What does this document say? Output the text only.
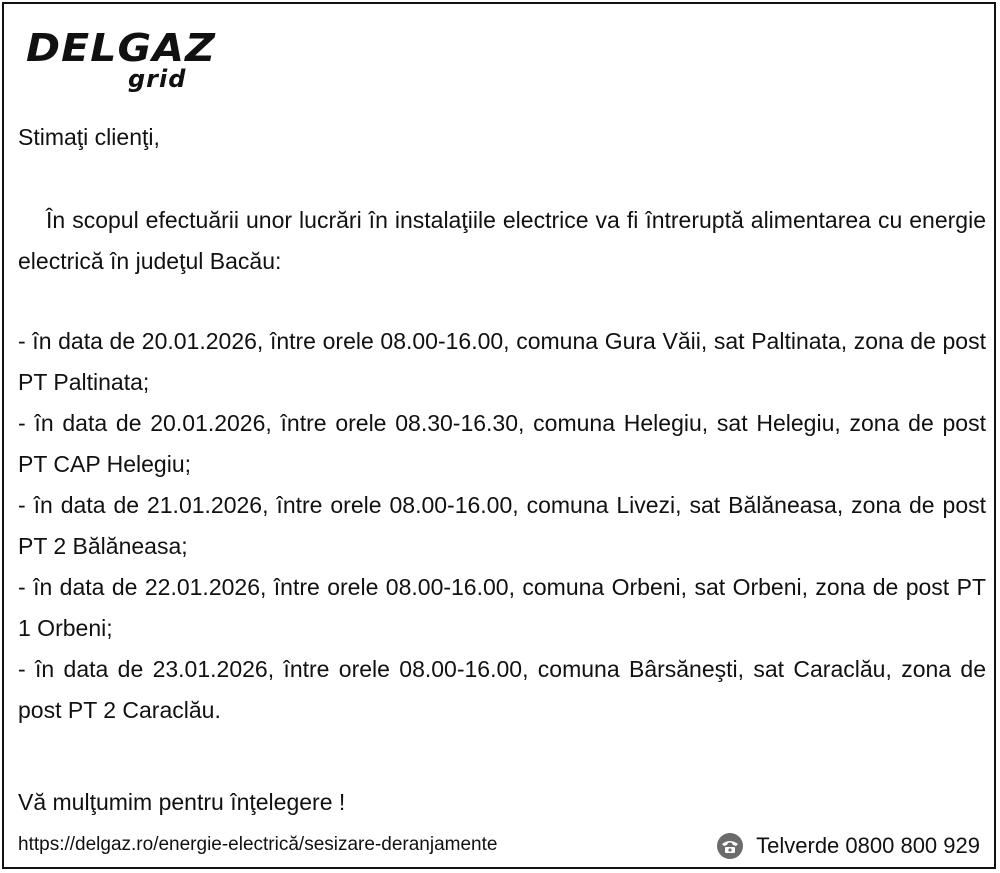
DELGAZ
grid
Stimaţi clienţi,
În scopul efectuării unor lucrări în instalaţiile electrice va fi întreruptă alimentarea cu energie electrică în judeţul Bacău:
- în data de 20.01.2026, între orele 08.00-16.00, comuna Gura Văii, sat Paltinata, zona de post PT Paltinata;
- în data de 20.01.2026, între orele 08.30-16.30, comuna Helegiu, sat Helegiu, zona de post PT CAP Helegiu;
- în data de 21.01.2026, între orele 08.00-16.00, comuna Livezi, sat Bălăneasa, zona de post PT 2 Bălăneasa;
- în data de 22.01.2026, între orele 08.00-16.00, comuna Orbeni, sat Orbeni, zona de post PT 1 Orbeni;
- în data de 23.01.2026, între orele 08.00-16.00, comuna Bârsăneşti, sat Caraclău, zona de post PT 2 Caraclău.
Vă mulţumim pentru înţelegere !
https://delgaz.ro/energie-electrică/sesizare-deranjamente	Telverde 0800 800 929
